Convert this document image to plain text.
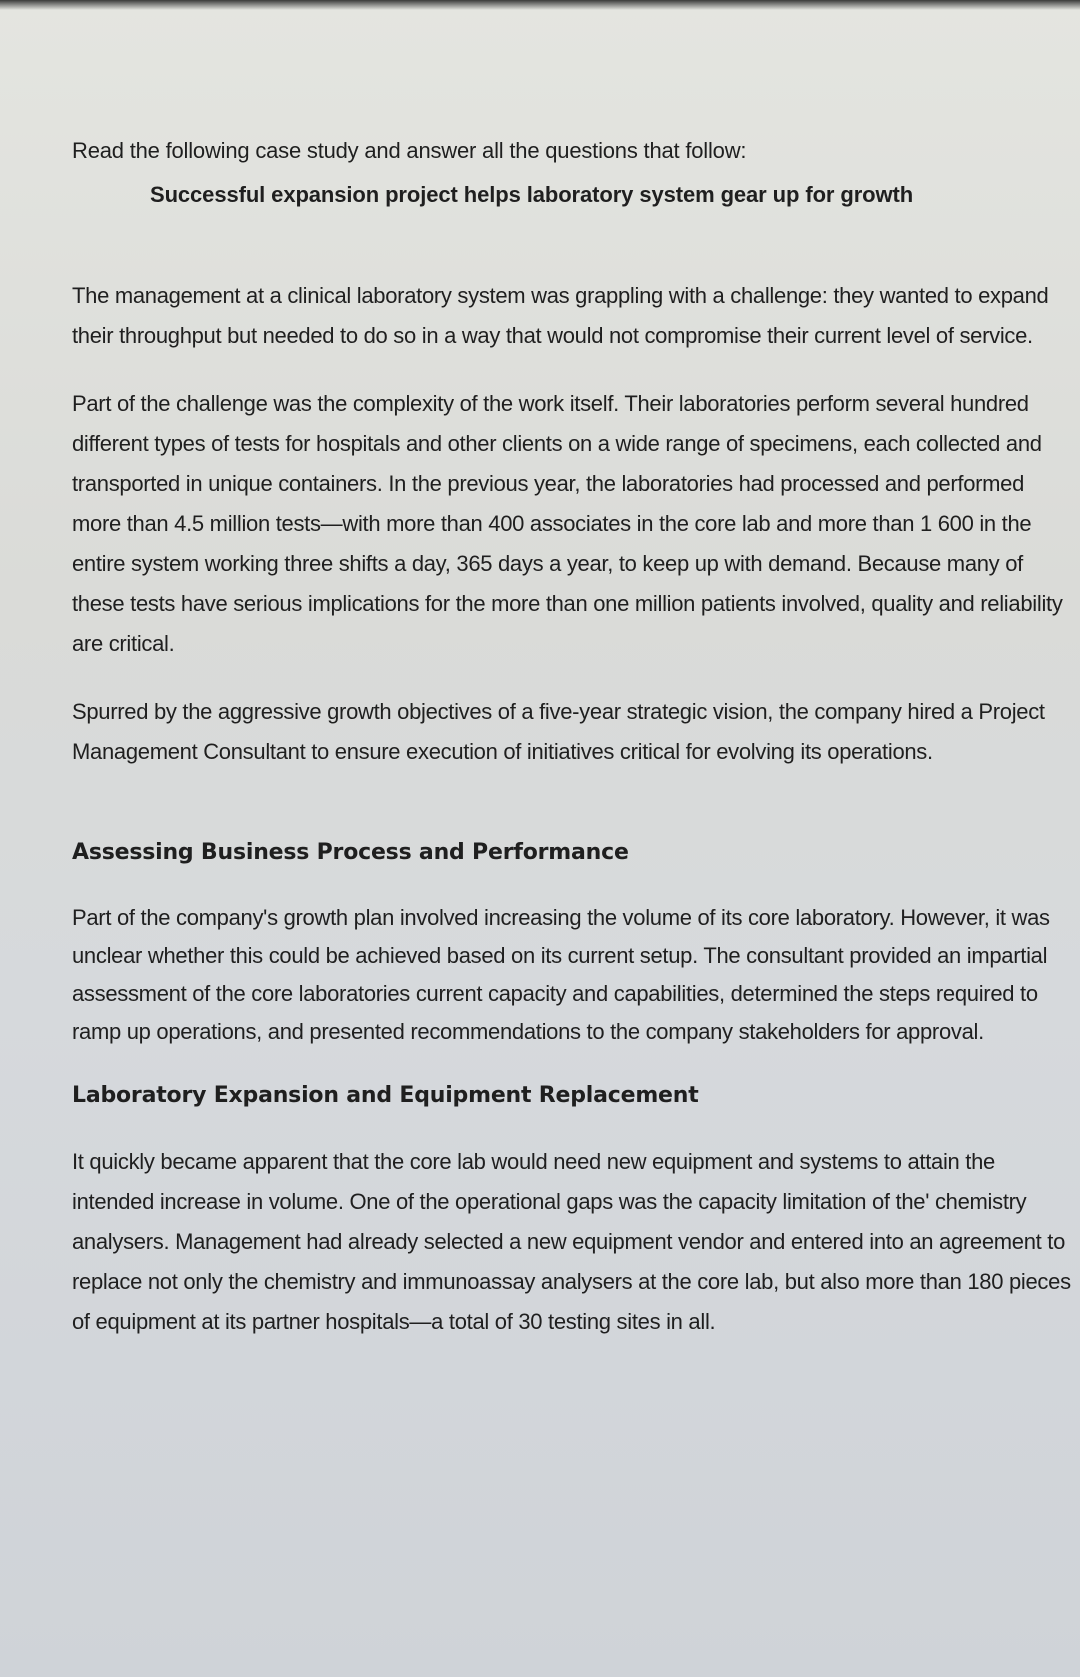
Read the following case study and answer all the questions that follow:

Successful expansion project helps laboratory system gear up for growth

The management at a clinical laboratory system was grappling with a challenge: they wanted to expand their throughput but needed to do so in a way that would not compromise their current level of service.

Part of the challenge was the complexity of the work itself. Their laboratories perform several hundred different types of tests for hospitals and other clients on a wide range of specimens, each collected and transported in unique containers. In the previous year, the laboratories had processed and performed more than 4.5 million tests—with more than 400 associates in the core lab and more than 1 600 in the entire system working three shifts a day, 365 days a year, to keep up with demand. Because many of these tests have serious implications for the more than one million patients involved, quality and reliability are critical.

Spurred by the aggressive growth objectives of a five-year strategic vision, the company hired a Project Management Consultant to ensure execution of initiatives critical for evolving its operations.

Assessing Business Process and Performance

Part of the company's growth plan involved increasing the volume of its core laboratory. However, it was unclear whether this could be achieved based on its current setup. The consultant provided an impartial assessment of the core laboratories current capacity and capabilities, determined the steps required to ramp up operations, and presented recommendations to the company stakeholders for approval.

Laboratory Expansion and Equipment Replacement

It quickly became apparent that the core lab would need new equipment and systems to attain the intended increase in volume. One of the operational gaps was the capacity limitation of the' chemistry analysers. Management had already selected a new equipment vendor and entered into an agreement to replace not only the chemistry and immunoassay analysers at the core lab, but also more than 180 pieces of equipment at its partner hospitals—a total of 30 testing sites in all.
